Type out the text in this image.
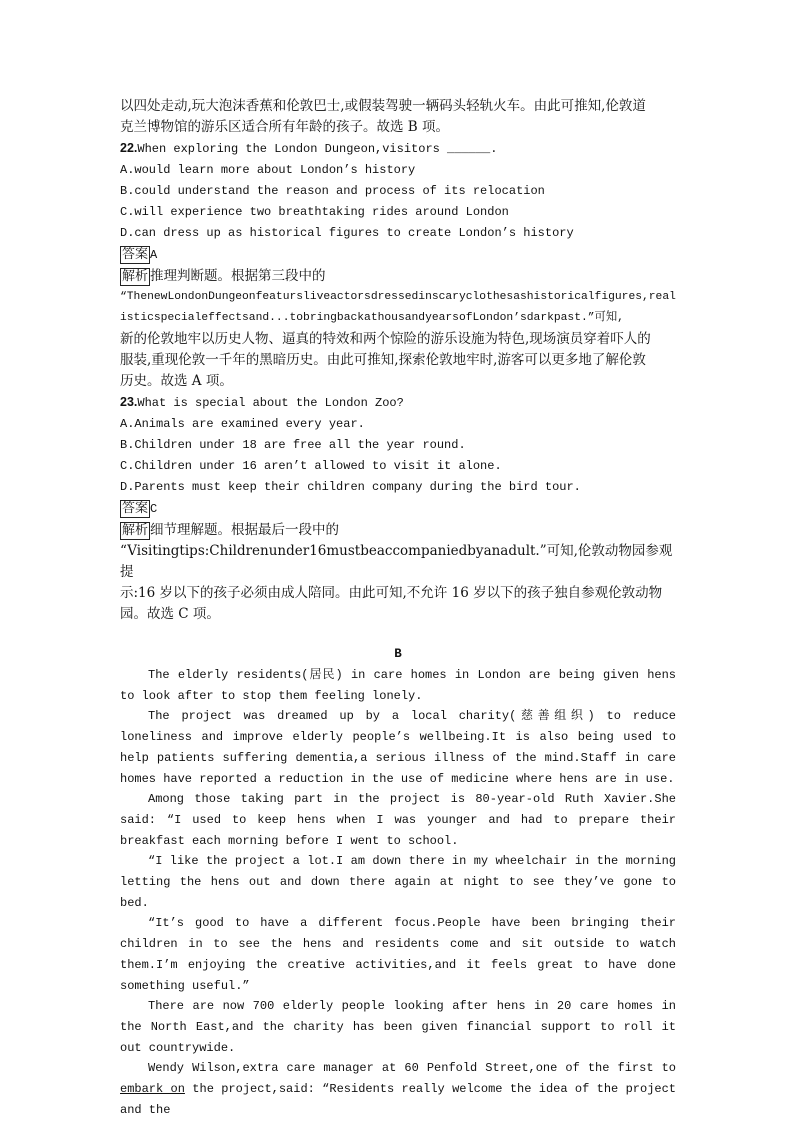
以四处走动,玩大泡沫香蕉和伦敦巴士,或假装驾驶一辆码头轻轨火车。由此可推知,伦敦道
克兰博物馆的游乐区适合所有年龄的孩子。故选 B 项。
22.When exploring the London Dungeon,visitors ______.
A.would learn more about London’s history
B.could understand the reason and process of its relocation
C.will experience two breathtaking rides around London
D.can dress up as historical figures to create London’s history
答案 A
解析 推理判断题。根据第三段中的
“ThenewLondonDungeonfeatursliveactorsdressedinscaryclothesashistoricalfigures,realisticspecialeffectsand...tobringbackathousandyearsofLondon’sdarkpast.”可知,
新的伦敦地牢以历史人物、逼真的特效和两个惊险的游乐设施为特色,现场演员穿着吓人的
服装,重现伦敦一千年的黑暗历史。由此可推知,探索伦敦地牢时,游客可以更多地了解伦敦
历史。故选 A 项。
23.What is special about the London Zoo?
A.Animals are examined every year.
B.Children under 18 are free all the year round.
C.Children under 16 aren’t allowed to visit it alone.
D.Parents must keep their children company during the bird tour.
答案 C
解析 细节理解题。根据最后一段中的
“Visitingtips:Childrenunder16mustbeaccompaniedbyanadult.”可知,伦敦动物园参观提
示:16 岁以下的孩子必须由成人陪同。由此可知,不允许 16 岁以下的孩子独自参观伦敦动物
园。故选 C 项。
B

The elderly residents(居民) in care homes in London are being given hens to look after to stop them feeling lonely.

The project was dreamed up by a local charity(慈善组织) to reduce loneliness and improve elderly people’s wellbeing.It is also being used to help patients suffering dementia,a serious illness of the mind.Staff in care homes have reported a reduction in the use of medicine where hens are in use.

Among those taking part in the project is 80-year-old Ruth Xavier.She said: “I used to keep hens when I was younger and had to prepare their breakfast each morning before I went to school.

“I like the project a lot.I am down there in my wheelchair in the morning letting the hens out and down there again at night to see they’ve gone to bed.

“It’s good to have a different focus.People have been bringing their children in to see the hens and residents come and sit outside to watch them.I’m enjoying the creative activities,and it feels great to have done something useful.”

There are now 700 elderly people looking after hens in 20 care homes in the North East,and the charity has been given financial support to roll it out countrywide.

Wendy Wilson,extra care manager at 60 Penfold Street,one of the first to embark on the project,said: “Residents really welcome the idea of the project and the
